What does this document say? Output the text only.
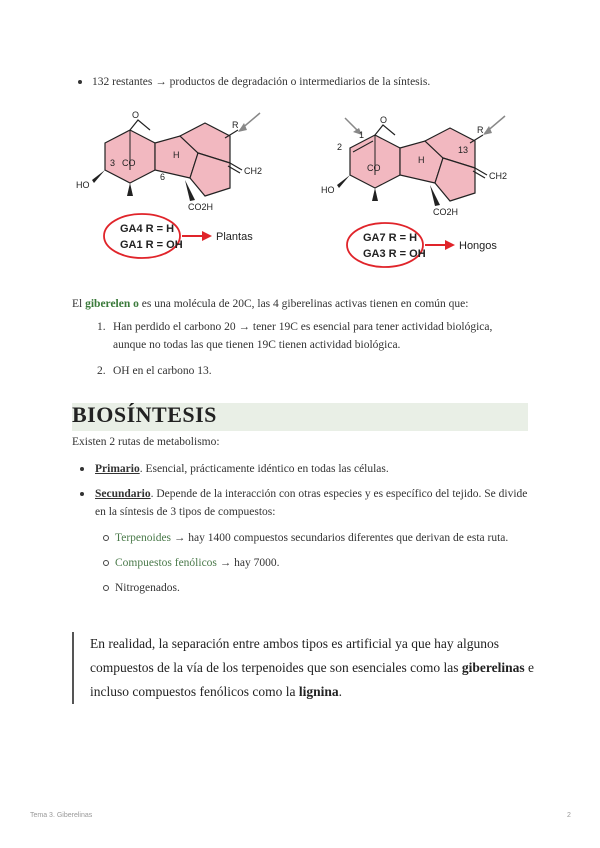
132 restantes → productos de degradación o intermediarios de la síntesis.
O
3
6
CO
H
HO
CO2H
CH2
R
GA4 R = H
GA1 R = OH
Plantas
2
1
13
CO
H
HO
CO2H
CH2
O
R
GA7 R = H
GA3 R = OH
Hongos
El giberelen o es una molécula de 20C, las 4 giberelinas activas tienen en común que:
1. Han perdido el carbono 20 → tener 19C es esencial para tener actividad biológica, aunque no todas las que tienen 19C tienen actividad biológica.
2. OH en el carbono 13.
BIOSÍNTESIS
Existen 2 rutas de metabolismo:
Primario. Esencial, prácticamente idéntico en todas las células.
Secundario. Depende de la interacción con otras especies y es específico del tejido. Se divide en la síntesis de 3 tipos de compuestos:
Terpenoides → hay 1400 compuestos secundarios diferentes que derivan de esta ruta.
Compuestos fenólicos → hay 7000.
Nitrogenados.
En realidad, la separación entre ambos tipos es artificial ya que hay algunos compuestos de la vía de los terpenoides que son esenciales como las giberelinas e incluso compuestos fenólicos como la lignina.
Tema 3. Giberelinas	2
